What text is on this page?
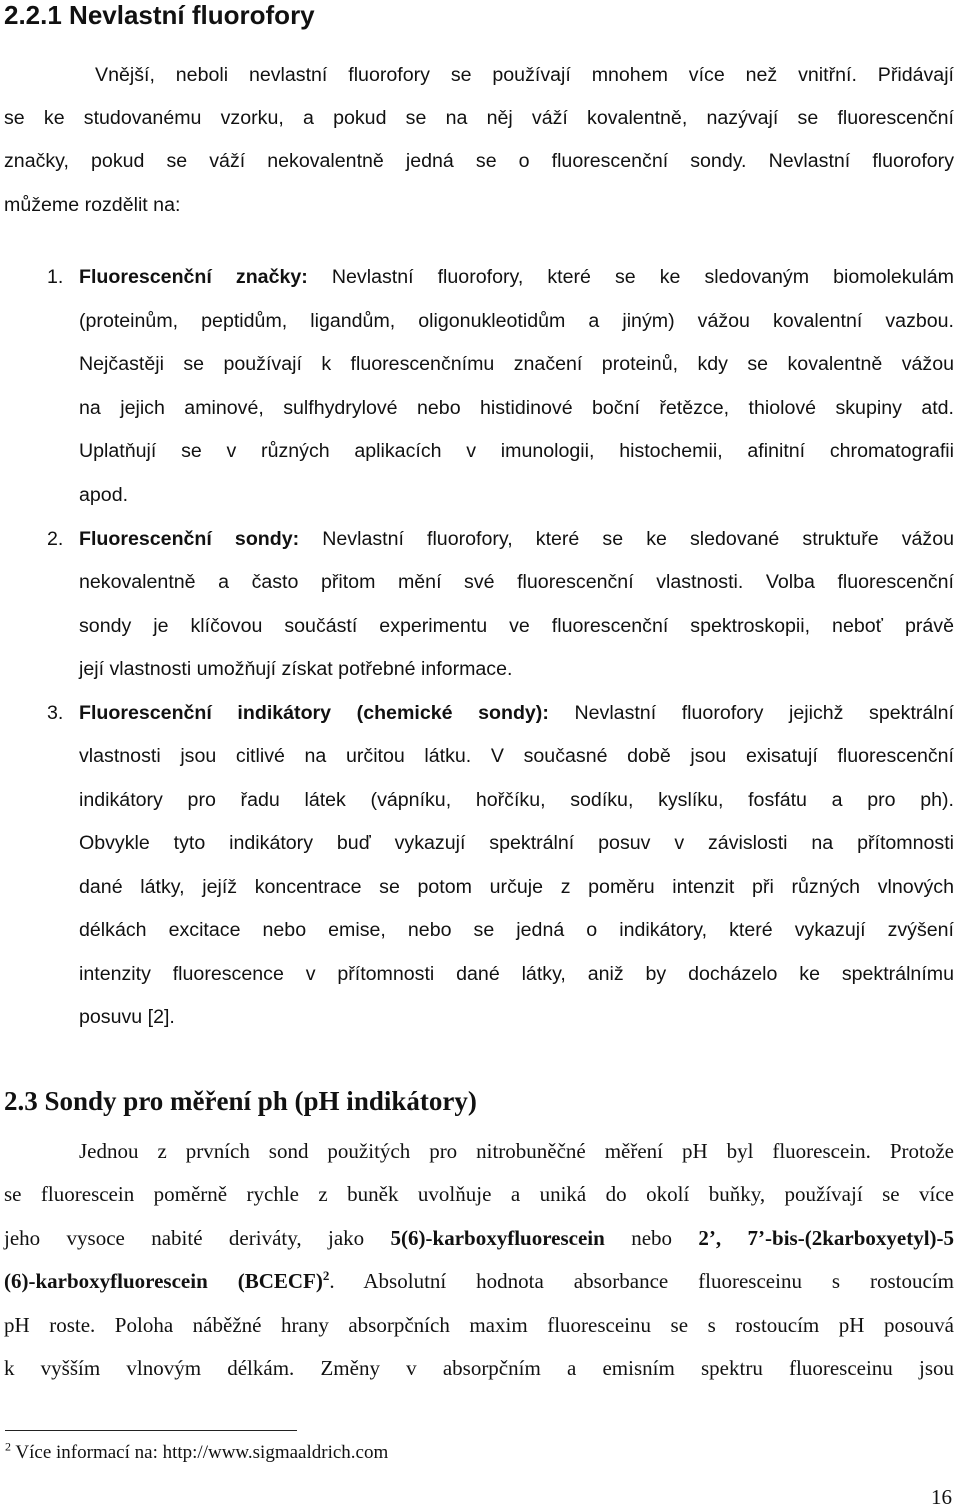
2.2.1 Nevlastní fluorofory
Vnější, neboli nevlastní fluorofory se používají mnohem více než vnitřní. Přidávají
se ke studovanému vzorku, a pokud se na něj váží kovalentně, nazývají se fluorescenční
značky, pokud se váží nekovalentně jedná se o fluorescenční sondy. Nevlastní fluorofory
můžeme rozdělit na:
1. Fluorescenční značky: Nevlastní fluorofory, které se ke sledovaným biomolekulám
(proteinům, peptidům, ligandům, oligonukleotidům a jiným) vážou kovalentní vazbou.
Nejčastěji se používají k fluorescenčnímu značení proteinů, kdy se kovalentně vážou
na jejich aminové, sulfhydrylové nebo histidinové boční řetězce, thiolové skupiny atd.
Uplatňují se v různých aplikacích v imunologii, histochemii, afinitní chromatografii
apod.
2. Fluorescenční sondy: Nevlastní fluorofory, které se ke sledované struktuře vážou
nekovalentně a často přitom mění své fluorescenční vlastnosti. Volba fluorescenční
sondy je klíčovou součástí experimentu ve fluorescenční spektroskopii, neboť právě
její vlastnosti umožňují získat potřebné informace.
3. Fluorescenční indikátory (chemické sondy): Nevlastní fluorofory jejichž spektrální
vlastnosti jsou citlivé na určitou látku. V současné době jsou exisatují fluorescenční
indikátory pro řadu látek (vápníku, hořčíku, sodíku, kyslíku, fosfátu a pro ph).
Obvykle tyto indikátory buď vykazují spektrální posuv v závislosti na přítomnosti
dané látky, jejíž koncentrace se potom určuje z poměru intenzit při různých vlnových
délkách excitace nebo emise, nebo se jedná o indikátory, které vykazují zvýšení
intenzity fluorescence v přítomnosti dané látky, aniž by docházelo ke spektrálnímu
posuvu [2].
2.3 Sondy pro měření ph (pH indikátory)
Jednou z prvních sond použitých pro nitrobuněčné měření pH byl fluorescein. Protože
se fluorescein poměrně rychle z buněk uvolňuje a uniká do okolí buňky, používají se více
jeho vysoce nabité deriváty, jako 5(6)-karboxyfluorescein nebo 2’, 7’-bis-(2karboxyetyl)-5
(6)-karboxyfluorescein (BCECF)$^2$. Absolutní hodnota absorbance fluoresceinu s rostoucím
pH roste. Poloha náběžné hrany absorpčních maxim fluoresceinu se s rostoucím pH posouvá
k vyšším vlnovým délkám. Změny v absorpčním a emisním spektru fluoresceinu jsou
$^2$ Více informací na: http://www.sigmaaldrich.com
16
